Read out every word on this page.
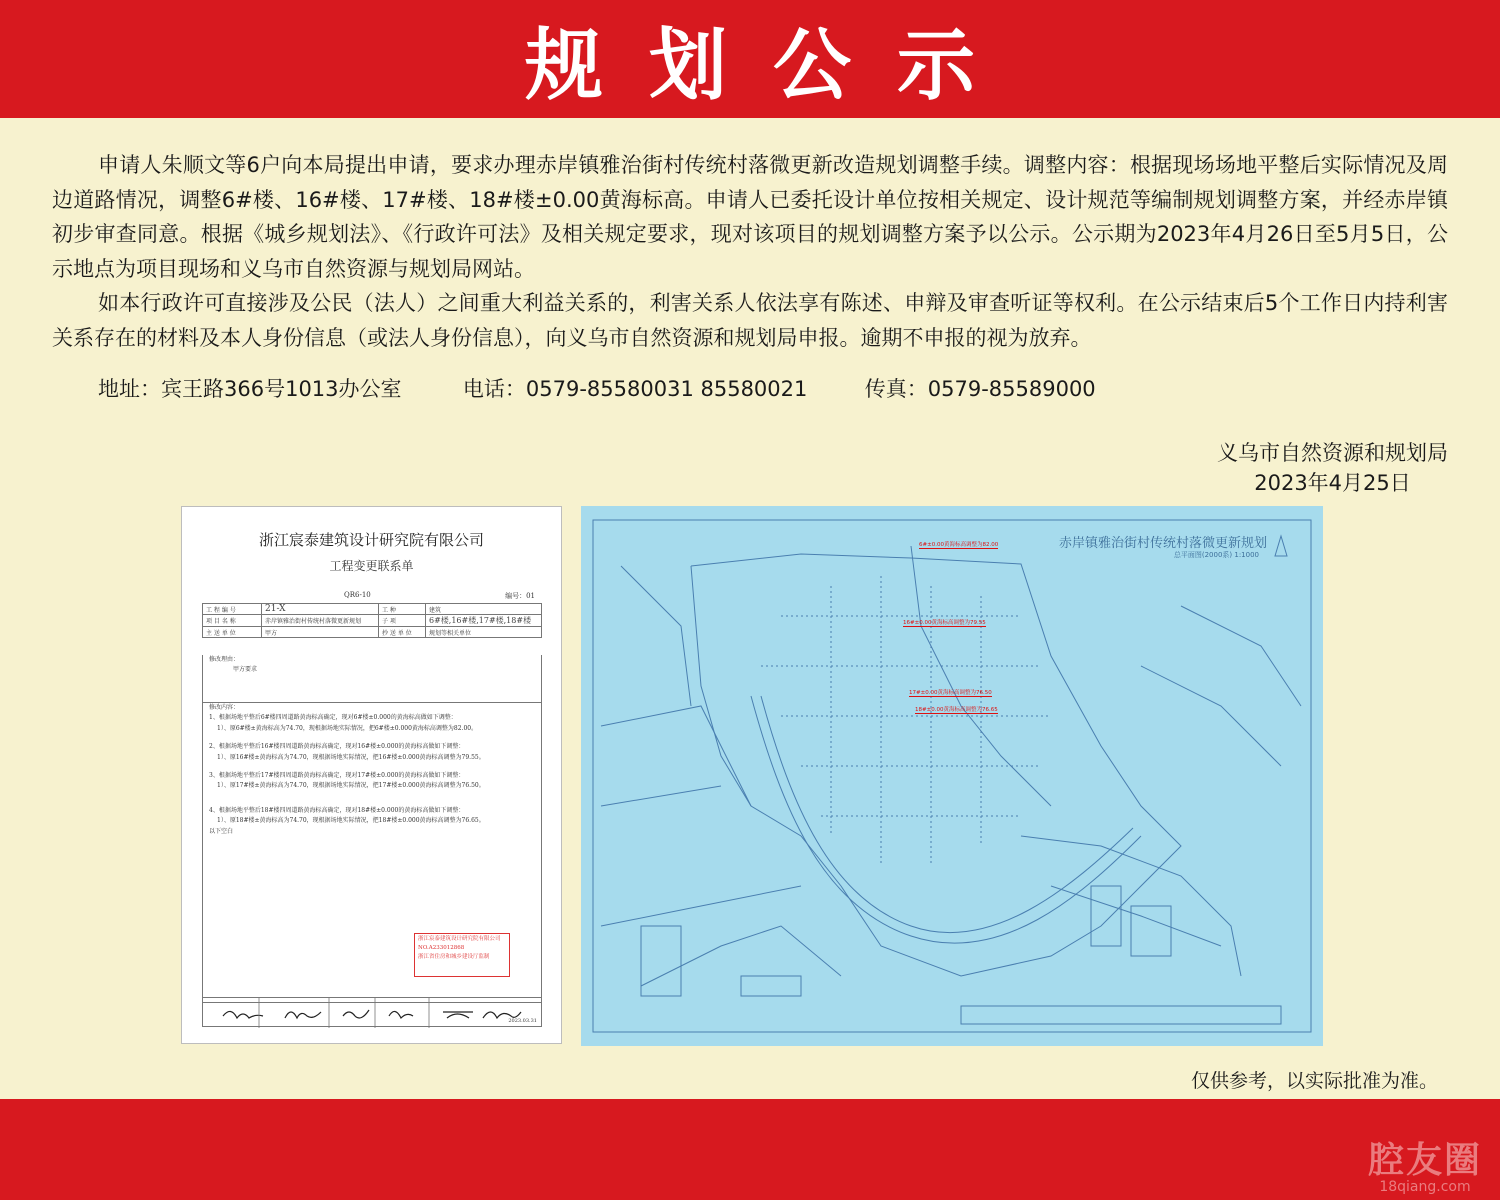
规划公示

申请人朱顺文等6户向本局提出申请，要求办理赤岸镇雅治街村传统村落微更新改造规划调整手续。调整内容：根据现场场地平整后实际情况及周边道路情况，调整6#楼、16#楼、17#楼、18#楼±0.00黄海标高。申请人已委托设计单位按相关规定、设计规范等编制规划调整方案，并经赤岸镇初步审查同意。根据《城乡规划法》、《行政许可法》及相关规定要求，现对该项目的规划调整方案予以公示。公示期为2023年4月26日至5月5日，公示地点为项目现场和义乌市自然资源与规划局网站。

如本行政许可直接涉及公民（法人）之间重大利益关系的，利害关系人依法享有陈述、申辩及审查听证等权利。在公示结束后5个工作日内持利害关系存在的材料及本人身份信息（或法人身份信息），向义乌市自然资源和规划局申报。逾期不申报的视为放弃。

地址：宾王路366号1013办公室	电话：0579-85580031 85580021	传真：0579-85589000
义乌市自然资源和规划局
2023年4月25日
浙江宸泰建筑设计研究院有限公司
工程变更联系单
QR6-10	编号：01
工 程 编 号	21-X	工 种	建筑
项 目 名 称	赤岸镇雅治街村传统村落微更新规划	子 项	6#楼,16#楼,17#楼,18#楼
主 送 单 位	甲方	抄 送 单 位	规划等相关单位
修改理由：
甲方要求
修改内容：
1、根据场地平整后6#楼四周道路黄海标高确定，现对6#楼±0.000的黄海标高做如下调整：
1）、原6#楼±黄海标高为74.70，现根据场地实际情况，把6#楼±0.000黄海标高调整为82.00。
2、根据场地平整后16#楼四周道路黄海标高确定，现对16#楼±0.000的黄海标高做如下调整：
1）、原16#楼±黄海标高为74.70，现根据场地实际情况，把16#楼±0.000黄海标高调整为79.55。
3、根据场地平整后17#楼四周道路黄海标高确定，现对17#楼±0.000的黄海标高做如下调整：
1）、原17#楼±黄海标高为74.70，现根据场地实际情况，把17#楼±0.000黄海标高调整为76.50。
4、根据场地平整后18#楼四周道路黄海标高确定，现对18#楼±0.000的黄海标高做如下调整：
1）、原18#楼±黄海标高为74.70，现根据场地实际情况，把18#楼±0.000黄海标高调整为76.65。
以下空白
浙江宸泰建筑设计研究院有限公司
NO.A233012868
浙江省住房和城乡建设厅监制
2023.03.31
赤岸镇雅治街村传统村落微更新规划
总平面图(2000系) 1:1000
6#±0.00黄海标高调整为82.00
16#±0.00黄海标高调整为79.55
17#±0.00黄海标高调整为76.50
18#±0.00黄海标高调整为76.65
仅供参考，以实际批准为准。
腔友圈
18qiang.com
